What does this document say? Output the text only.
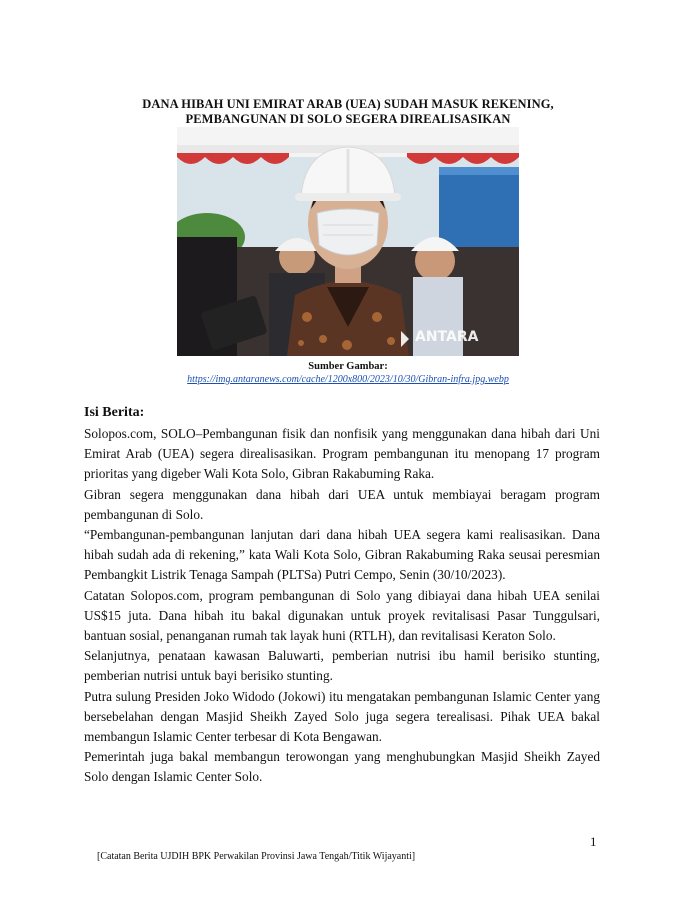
DANA HIBAH UNI EMIRAT ARAB (UEA) SUDAH MASUK REKENING,
PEMBANGUNAN DI SOLO SEGERA DIREALISASIKAN
ANTARA
Sumber Gambar:
https://img.antaranews.com/cache/1200x800/2023/10/30/Gibran-infra.jpg.webp
Isi Berita:

Solopos.com, SOLO–Pembangunan fisik dan nonfisik yang menggunakan dana hibah dari Uni Emirat Arab (UEA) segera direalisasikan. Program pembangunan itu menopang 17 program prioritas yang digeber Wali Kota Solo, Gibran Rakabuming Raka.

Gibran segera menggunakan dana hibah dari UEA untuk membiayai beragam program pembangunan di Solo.

“Pembangunan-pembangunan lanjutan dari dana hibah UEA segera kami realisasikan. Dana hibah sudah ada di rekening,” kata Wali Kota Solo, Gibran Rakabuming Raka seusai peresmian Pembangkit Listrik Tenaga Sampah (PLTSa) Putri Cempo, Senin (30/10/2023).

Catatan Solopos.com, program pembangunan di Solo yang dibiayai dana hibah UEA senilai US$15 juta. Dana hibah itu bakal digunakan untuk proyek revitalisasi Pasar Tunggulsari, bantuan sosial, penanganan rumah tak layak huni (RTLH), dan revitalisasi Keraton Solo.

Selanjutnya, penataan kawasan Baluwarti, pemberian nutrisi ibu hamil berisiko stunting, pemberian nutrisi untuk bayi berisiko stunting.

Putra sulung Presiden Joko Widodo (Jokowi) itu mengatakan pembangunan Islamic Center yang bersebelahan dengan Masjid Sheikh Zayed Solo juga segera terealisasi. Pihak UEA bakal membangun Islamic Center terbesar di Kota Bengawan.

Pemerintah juga bakal membangun terowongan yang menghubungkan Masjid Sheikh Zayed Solo dengan Islamic Center Solo.

1
[Catatan Berita UJDIH BPK Perwakilan Provinsi Jawa Tengah/Titik Wijayanti]
